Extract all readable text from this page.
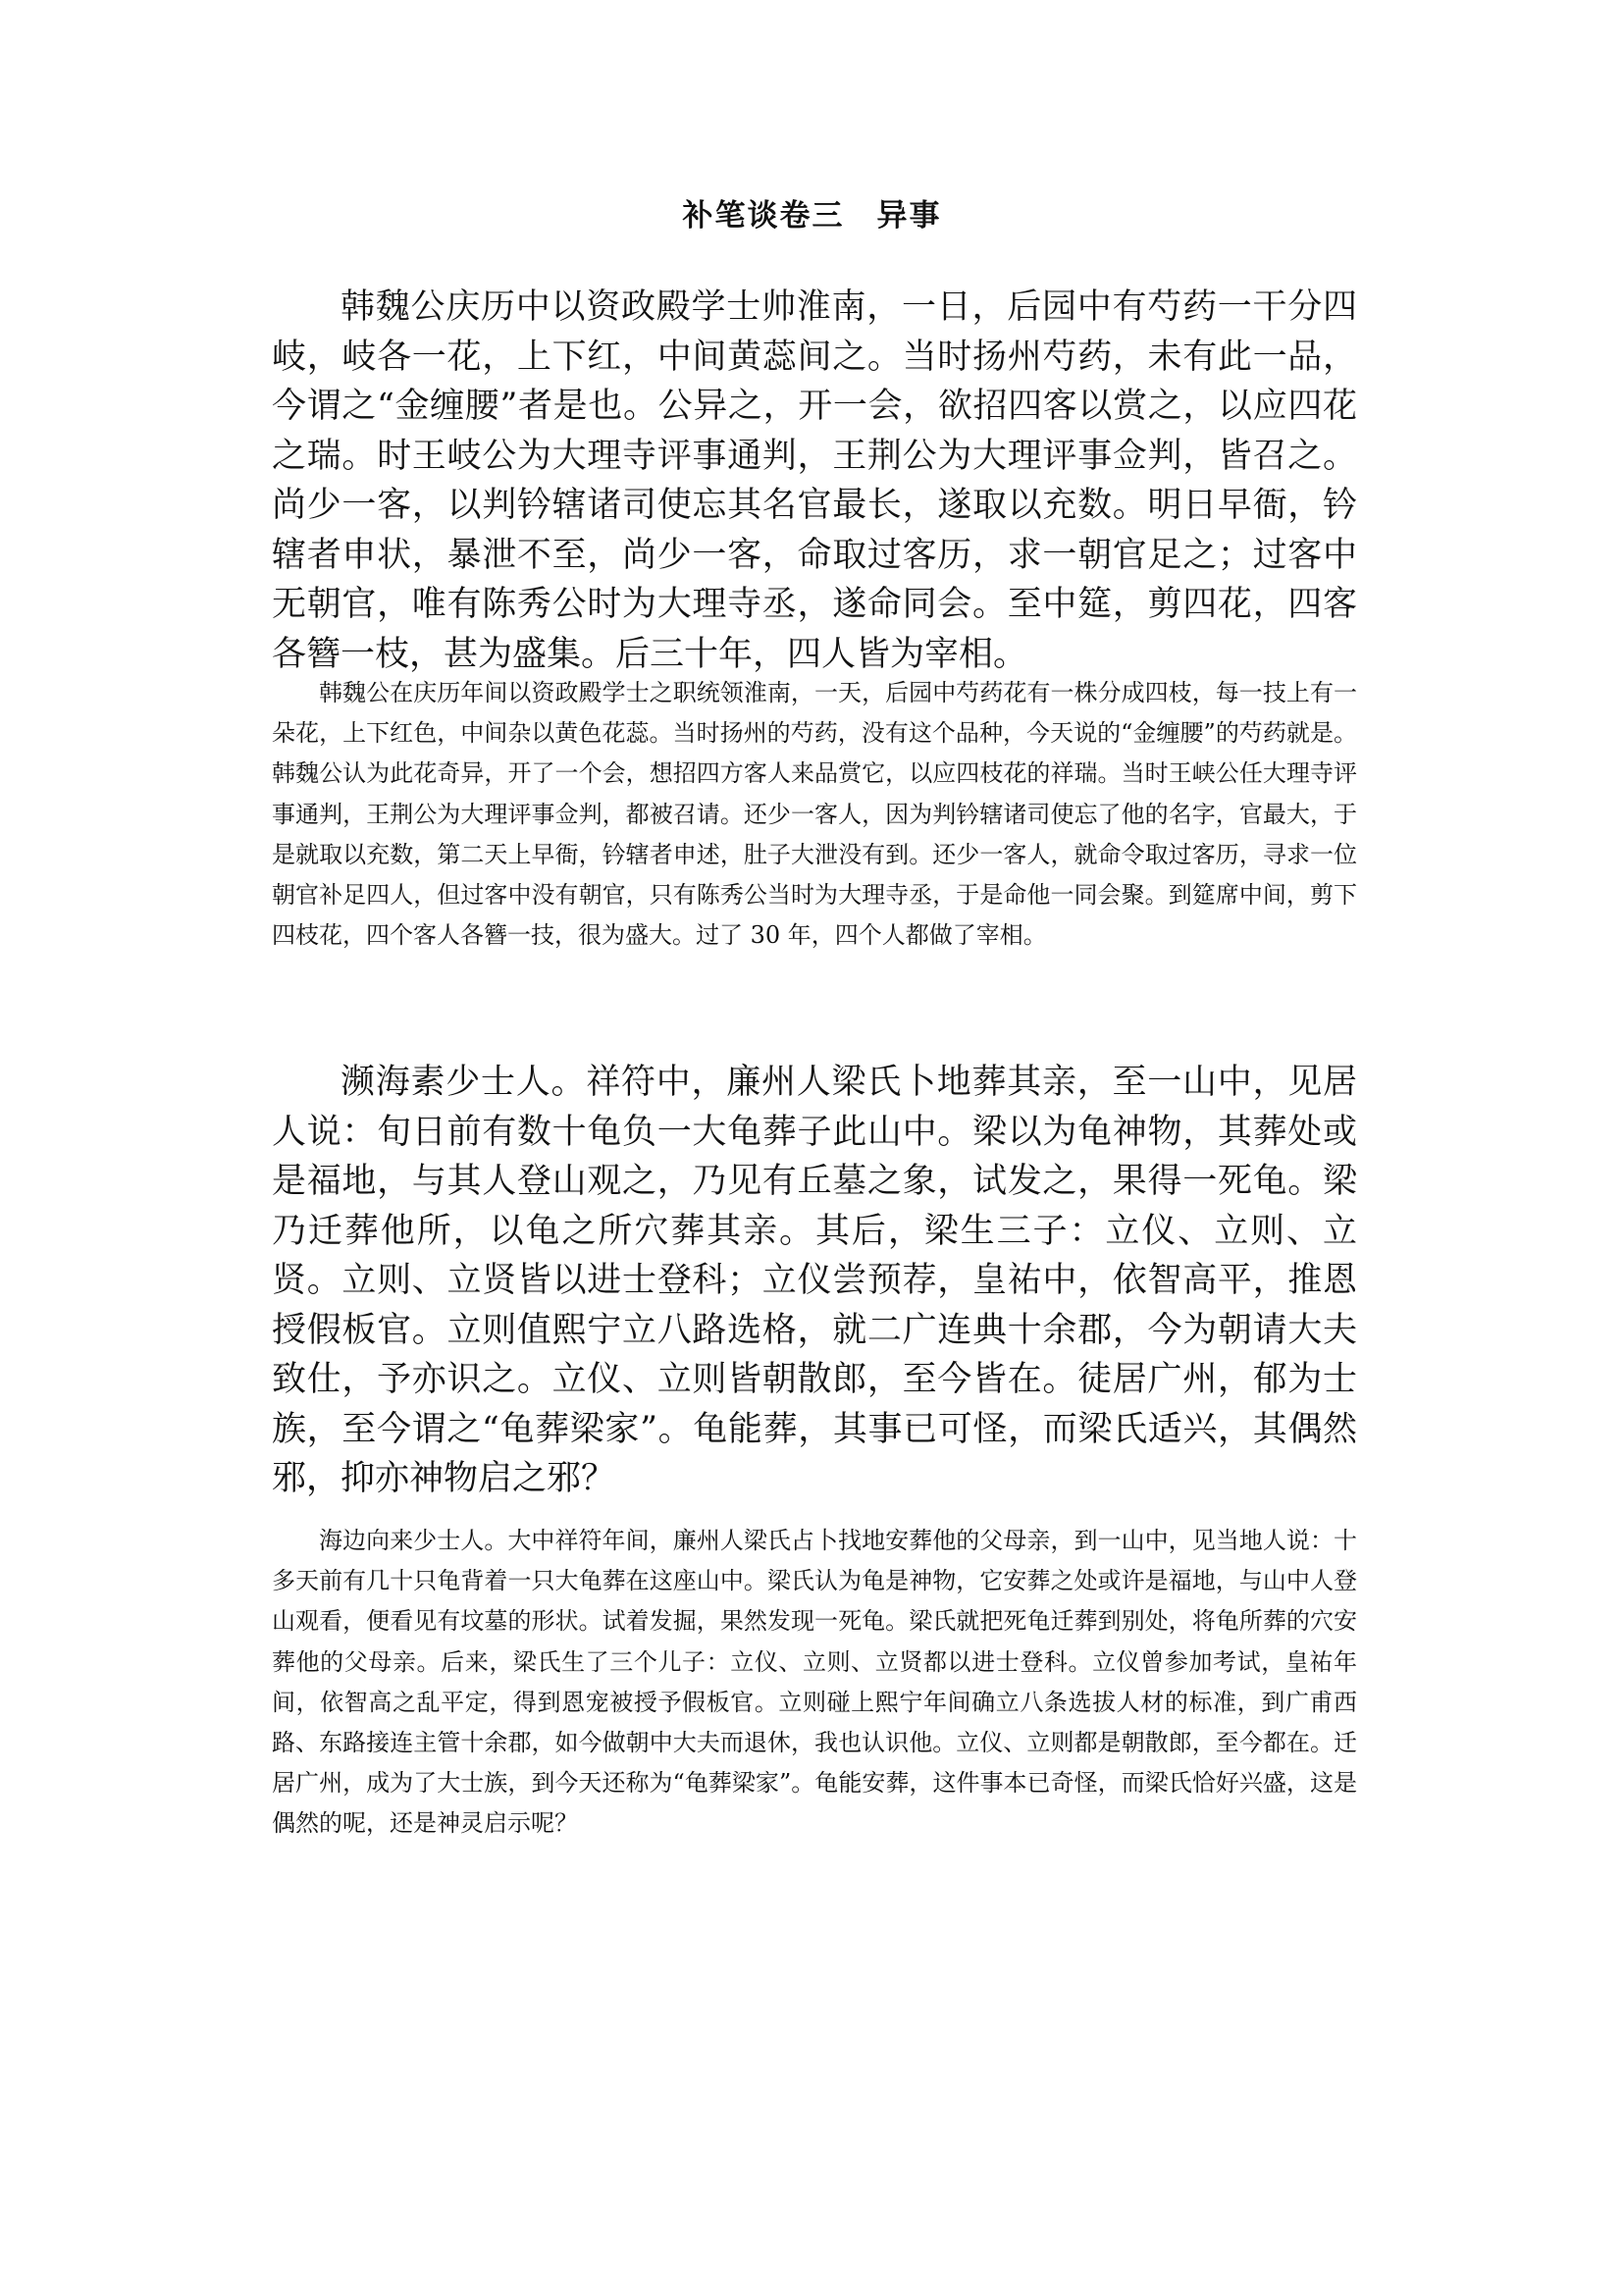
补笔谈卷三　异事

韩魏公庆历中以资政殿学士帅淮南，一日，后园中有芍药一干分四岐，岐各一花，上下红，中间黄蕊间之。当时扬州芍药，未有此一品，今谓之“金缠腰”者是也。公异之，开一会，欲招四客以赏之，以应四花之瑞。时王岐公为大理寺评事通判，王荆公为大理评事佥判，皆召之。尚少一客，以判钤辖诸司使忘其名官最长，遂取以充数。明日早衙，钤辖者申状，暴泄不至，尚少一客，命取过客历，求一朝官足之；过客中无朝官，唯有陈秀公时为大理寺丞，遂命同会。至中筵，剪四花，四客各簪一枝，甚为盛集。后三十年，四人皆为宰相。

韩魏公在庆历年间以资政殿学士之职统领淮南，一天，后园中芍药花有一株分成四枝，每一技上有一朵花，上下红色，中间杂以黄色花蕊。当时扬州的芍药，没有这个品种，今天说的“金缠腰”的芍药就是。韩魏公认为此花奇异，开了一个会，想招四方客人来品赏它，以应四枝花的祥瑞。当时王峡公任大理寺评事通判，王荆公为大理评事佥判，都被召请。还少一客人，因为判钤辖诸司使忘了他的名字，官最大，于是就取以充数，第二天上早衙，钤辖者申述，肚子大泄没有到。还少一客人，就命令取过客历，寻求一位朝官补足四人，但过客中没有朝官，只有陈秀公当时为大理寺丞，于是命他一同会聚。到筵席中间，剪下四枝花，四个客人各簪一技，很为盛大。过了 30 年，四个人都做了宰相。

濒海素少士人。祥符中，廉州人梁氏卜地葬其亲，至一山中，见居人说：旬日前有数十龟负一大龟葬子此山中。梁以为龟神物，其葬处或是福地，与其人登山观之，乃见有丘墓之象，试发之，果得一死龟。梁乃迁葬他所，以龟之所穴葬其亲。其后，梁生三子：立仪、立则、立贤。立则、立贤皆以进士登科；立仪尝预荐，皇祐中，依智高平，推恩授假板官。立则值熙宁立八路选格，就二广连典十余郡，今为朝请大夫致仕，予亦识之。立仪、立则皆朝散郎，至今皆在。徒居广州，郁为士族，至今谓之“龟葬梁家”。龟能葬，其事已可怪，而梁氏适兴，其偶然邪，抑亦神物启之邪？

海边向来少士人。大中祥符年间，廉州人梁氏占卜找地安葬他的父母亲，到一山中，见当地人说：十多天前有几十只龟背着一只大龟葬在这座山中。梁氏认为龟是神物，它安葬之处或许是福地，与山中人登山观看，便看见有坟墓的形状。试着发掘，果然发现一死龟。梁氏就把死龟迁葬到别处，将龟所葬的穴安葬他的父母亲。后来，梁氏生了三个儿子：立仪、立则、立贤都以进士登科。立仪曾参加考试，皇祐年间，依智高之乱平定，得到恩宠被授予假板官。立则碰上熙宁年间确立八条选拔人材的标准，到广甫西路、东路接连主管十余郡，如今做朝中大夫而退休，我也认识他。立仪、立则都是朝散郎，至今都在。迁居广州，成为了大士族，到今天还称为“龟葬梁家”。龟能安葬，这件事本已奇怪，而梁氏恰好兴盛，这是偶然的呢，还是神灵启示呢？
